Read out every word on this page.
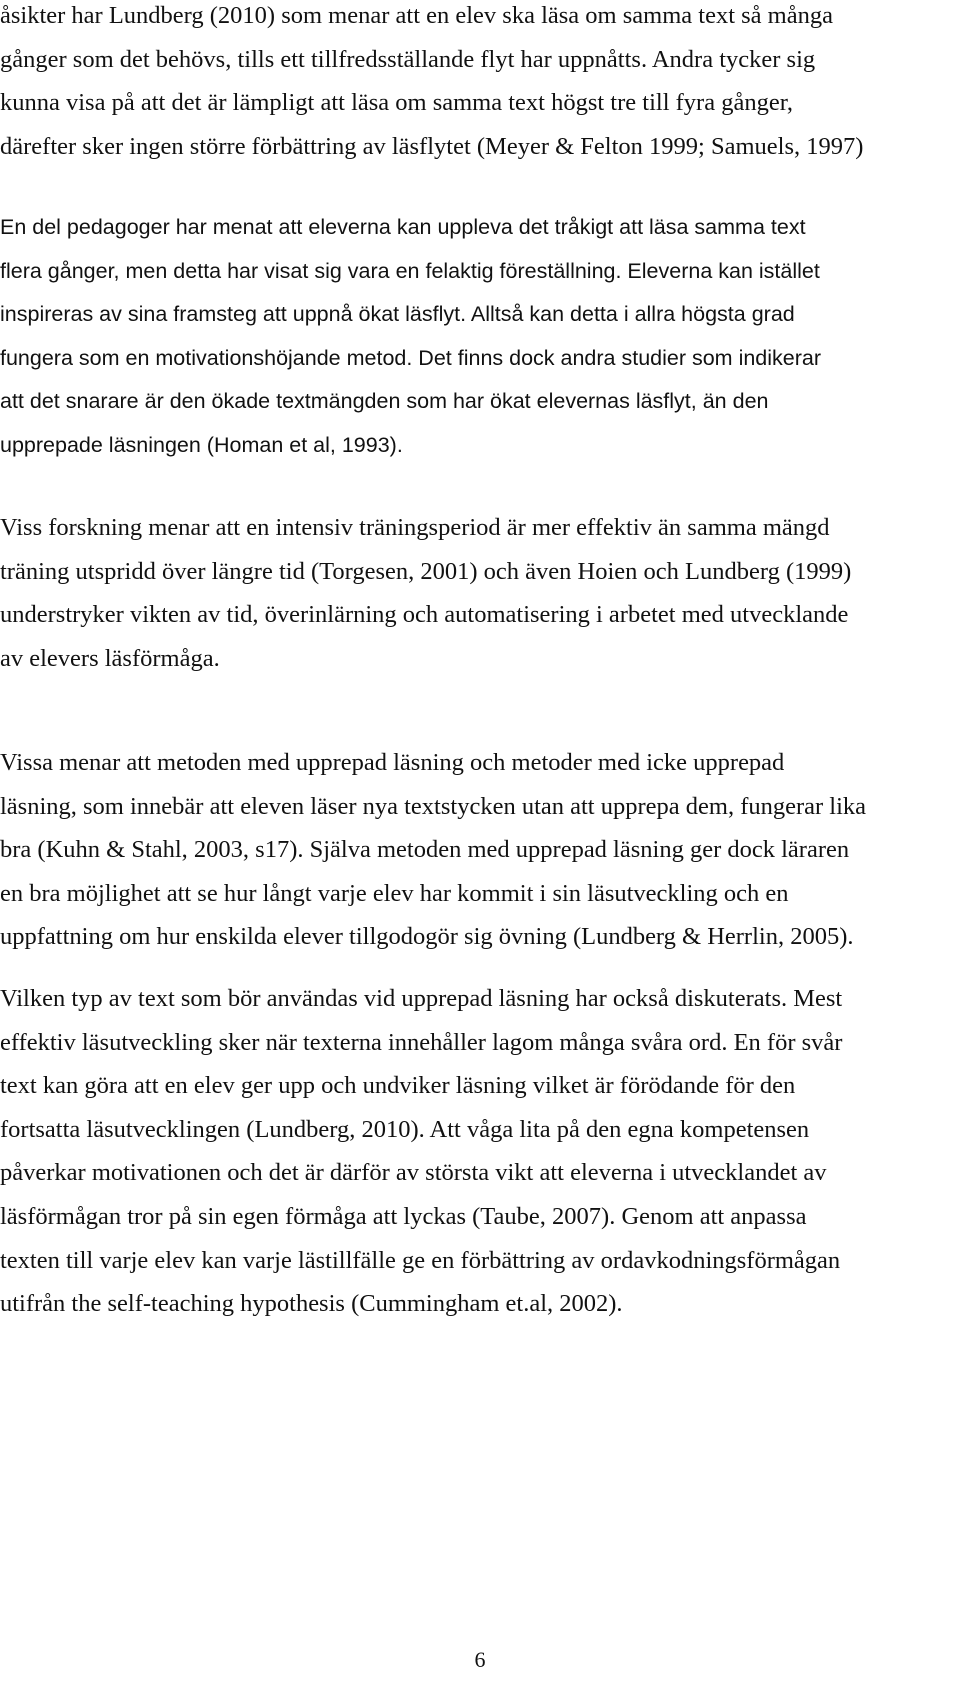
åsikter har Lundberg (2010) som menar att en elev ska läsa om samma text så många
gånger som det behövs, tills ett tillfredsställande flyt har uppnåtts. Andra tycker sig
kunna visa på att det är lämpligt att läsa om samma text högst tre till fyra gånger,
därefter sker ingen större förbättring av läsflytet (Meyer & Felton 1999; Samuels, 1997)
En del pedagoger har menat att eleverna kan uppleva det tråkigt att läsa samma text
flera gånger, men detta har visat sig vara en felaktig föreställning. Eleverna kan istället
inspireras av sina framsteg att uppnå ökat läsflyt. Alltså kan detta i allra högsta grad
fungera som en motivationshöjande metod. Det finns dock andra studier som indikerar
att det snarare är den ökade textmängden som har ökat elevernas läsflyt, än den
upprepade läsningen (Homan et al, 1993).
Viss forskning menar att en intensiv träningsperiod är mer effektiv än samma mängd
träning utspridd över längre tid (Torgesen, 2001) och även Hoien och Lundberg (1999)
understryker vikten av tid, överinlärning och automatisering i arbetet med utvecklande
av elevers läsförmåga.
Vissa menar att metoden med upprepad läsning och metoder med icke upprepad
läsning, som innebär att eleven läser nya textstycken utan att upprepa dem, fungerar lika
bra (Kuhn & Stahl, 2003, s17). Själva metoden med upprepad läsning ger dock läraren
en bra möjlighet att se hur långt varje elev har kommit i sin läsutveckling och en
uppfattning om hur enskilda elever tillgodogör sig övning (Lundberg & Herrlin, 2005).
Vilken typ av text som bör användas vid upprepad läsning har också diskuterats. Mest
effektiv läsutveckling sker när texterna innehåller lagom många svåra ord. En för svår
text kan göra att en elev ger upp och undviker läsning vilket är förödande för den
fortsatta läsutvecklingen (Lundberg, 2010). Att våga lita på den egna kompetensen
påverkar motivationen och det är därför av största vikt att eleverna i utvecklandet av
läsförmågan tror på sin egen förmåga att lyckas (Taube, 2007). Genom att anpassa
texten till varje elev kan varje lästillfälle ge en förbättring av ordavkodningsförmågan
utifrån the self-teaching hypothesis (Cummingham et.al, 2002).
6
